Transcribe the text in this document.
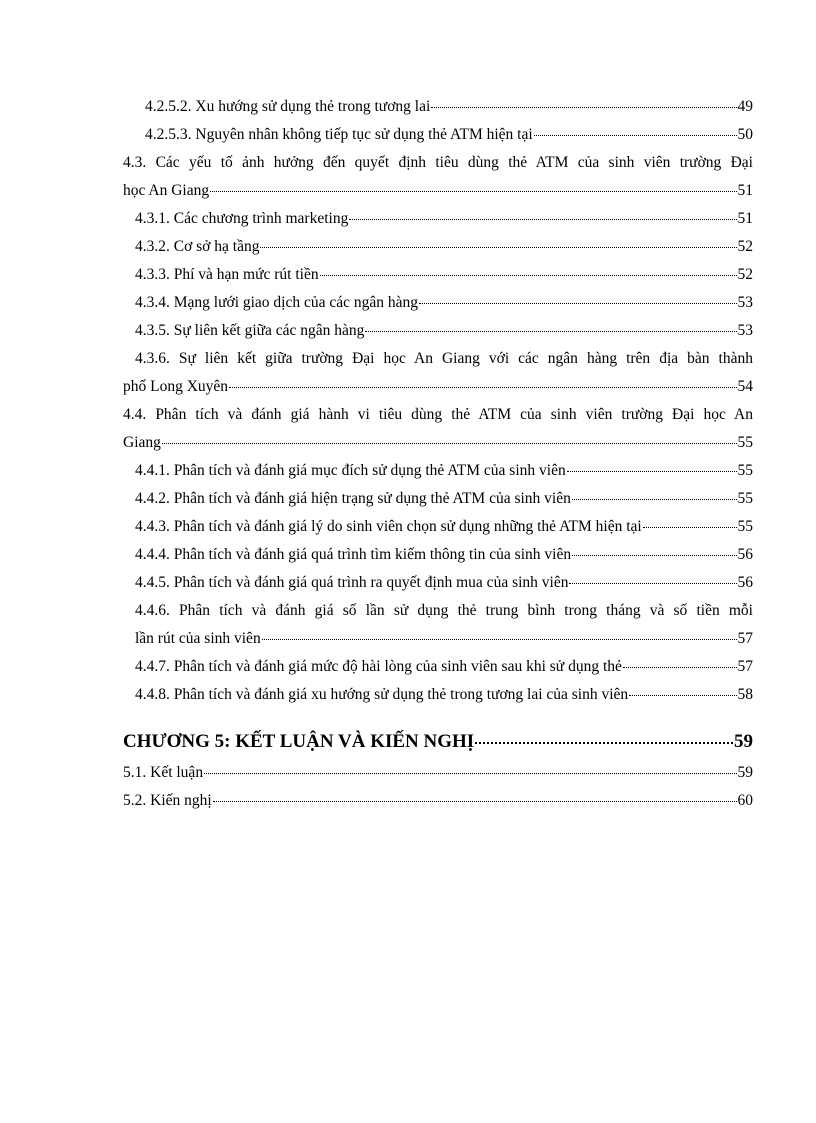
4.2.5.2. Xu hướng sử dụng thẻ trong tương lai	49
4.2.5.3. Nguyên nhân không tiếp tục sử dụng thẻ ATM hiện tại	50
4.3. Các yếu tố ảnh hưởng đến quyết định tiêu dùng thẻ ATM của sinh viên trường Đại
học An Giang	51
4.3.1. Các chương trình marketing	51
4.3.2. Cơ sở hạ tầng	52
4.3.3. Phí và hạn mức rút tiền	52
4.3.4. Mạng lưới giao dịch của các ngân hàng	53
4.3.5. Sự liên kết giữa các ngân hàng	53
4.3.6. Sự liên kết giữa trường Đại học An Giang với các ngân hàng trên địa bàn thành
phố Long Xuyên	54
4.4. Phân tích và đánh giá hành vi tiêu dùng thẻ ATM của sinh viên trường Đại học An
Giang	55
4.4.1. Phân tích và đánh giá mục đích sử dụng thẻ ATM của sinh viên	55
4.4.2. Phân tích và đánh giá hiện trạng sử dụng thẻ ATM của sinh viên	55
4.4.3. Phân tích và đánh giá lý do sinh viên chọn sử dụng những thẻ ATM hiện tại	55
4.4.4. Phân tích và đánh giá quá trình tìm kiếm thông tin của sinh viên	56
4.4.5. Phân tích và đánh giá quá trình ra quyết định mua của sinh viên	56
4.4.6. Phân tích và đánh giá số lần sử dụng thẻ trung bình trong tháng và số tiền mỗi
lần rút của sinh viên	57
4.4.7. Phân tích và đánh giá mức độ hài lòng của sinh viên sau khi sử dụng thẻ	57
4.4.8. Phân tích và đánh giá xu hướng sử dụng thẻ trong tương lai của sinh viên	58
CHƯƠNG 5: KẾT LUẬN VÀ KIẾN NGHỊ	59
5.1. Kết luận	59
5.2. Kiến nghị	60
